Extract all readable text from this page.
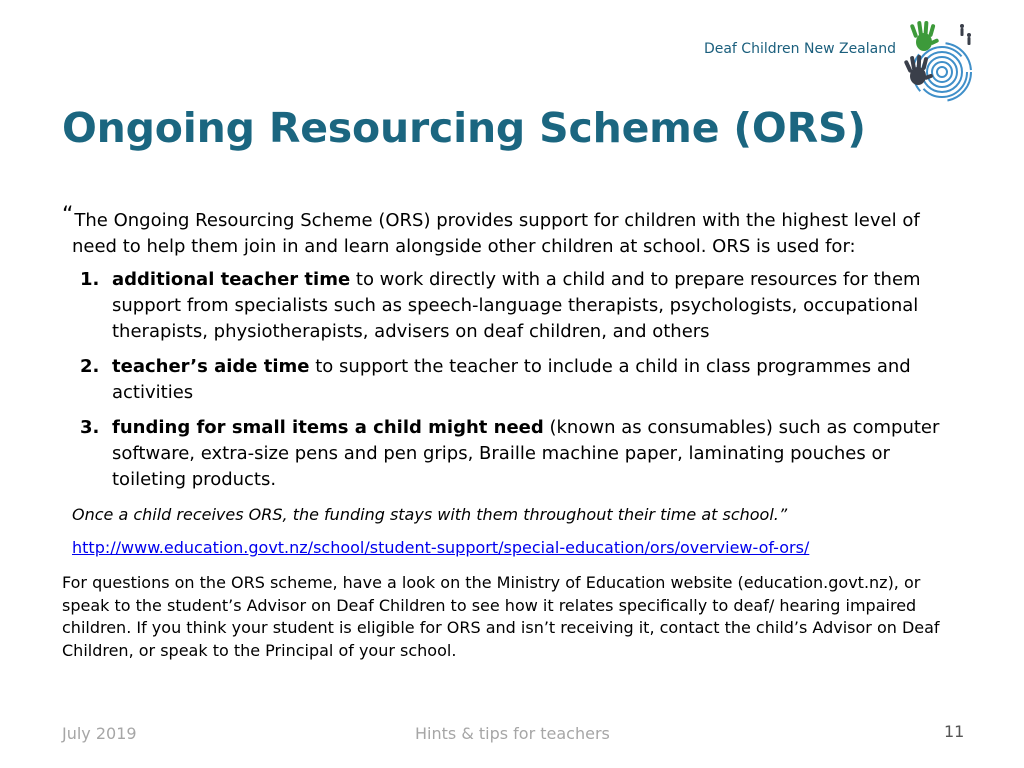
Deaf Children New Zealand
Ongoing Resourcing Scheme (ORS)
“The Ongoing Resourcing Scheme (ORS) provides support for children with the highest level of
need to help them join in and learn alongside other children at school. ORS is used for:
1. additional teacher time to work directly with a child and to prepare resources for them support from specialists such as speech-language therapists, psychologists, occupational therapists, physiotherapists, advisers on deaf children, and others
2. teacher’s aide time to support the teacher to include a child in class programmes and activities
3. funding for small items a child might need (known as consumables) such as computer software, extra-size pens and pen grips, Braille machine paper, laminating pouches or toileting products.
Once a child receives ORS, the funding stays with them throughout their time at school.”
http://www.education.govt.nz/school/student-support/special-education/ors/overview-of-ors/
For questions on the ORS scheme, have a look on the Ministry of Education website (education.govt.nz), or speak to the student’s Advisor on Deaf Children to see how it relates specifically to deaf/ hearing impaired children. If you think your student is eligible for ORS and isn’t receiving it, contact the child’s Advisor on Deaf Children, or speak to the Principal of your school.
July 2019	Hints & tips for teachers	11
